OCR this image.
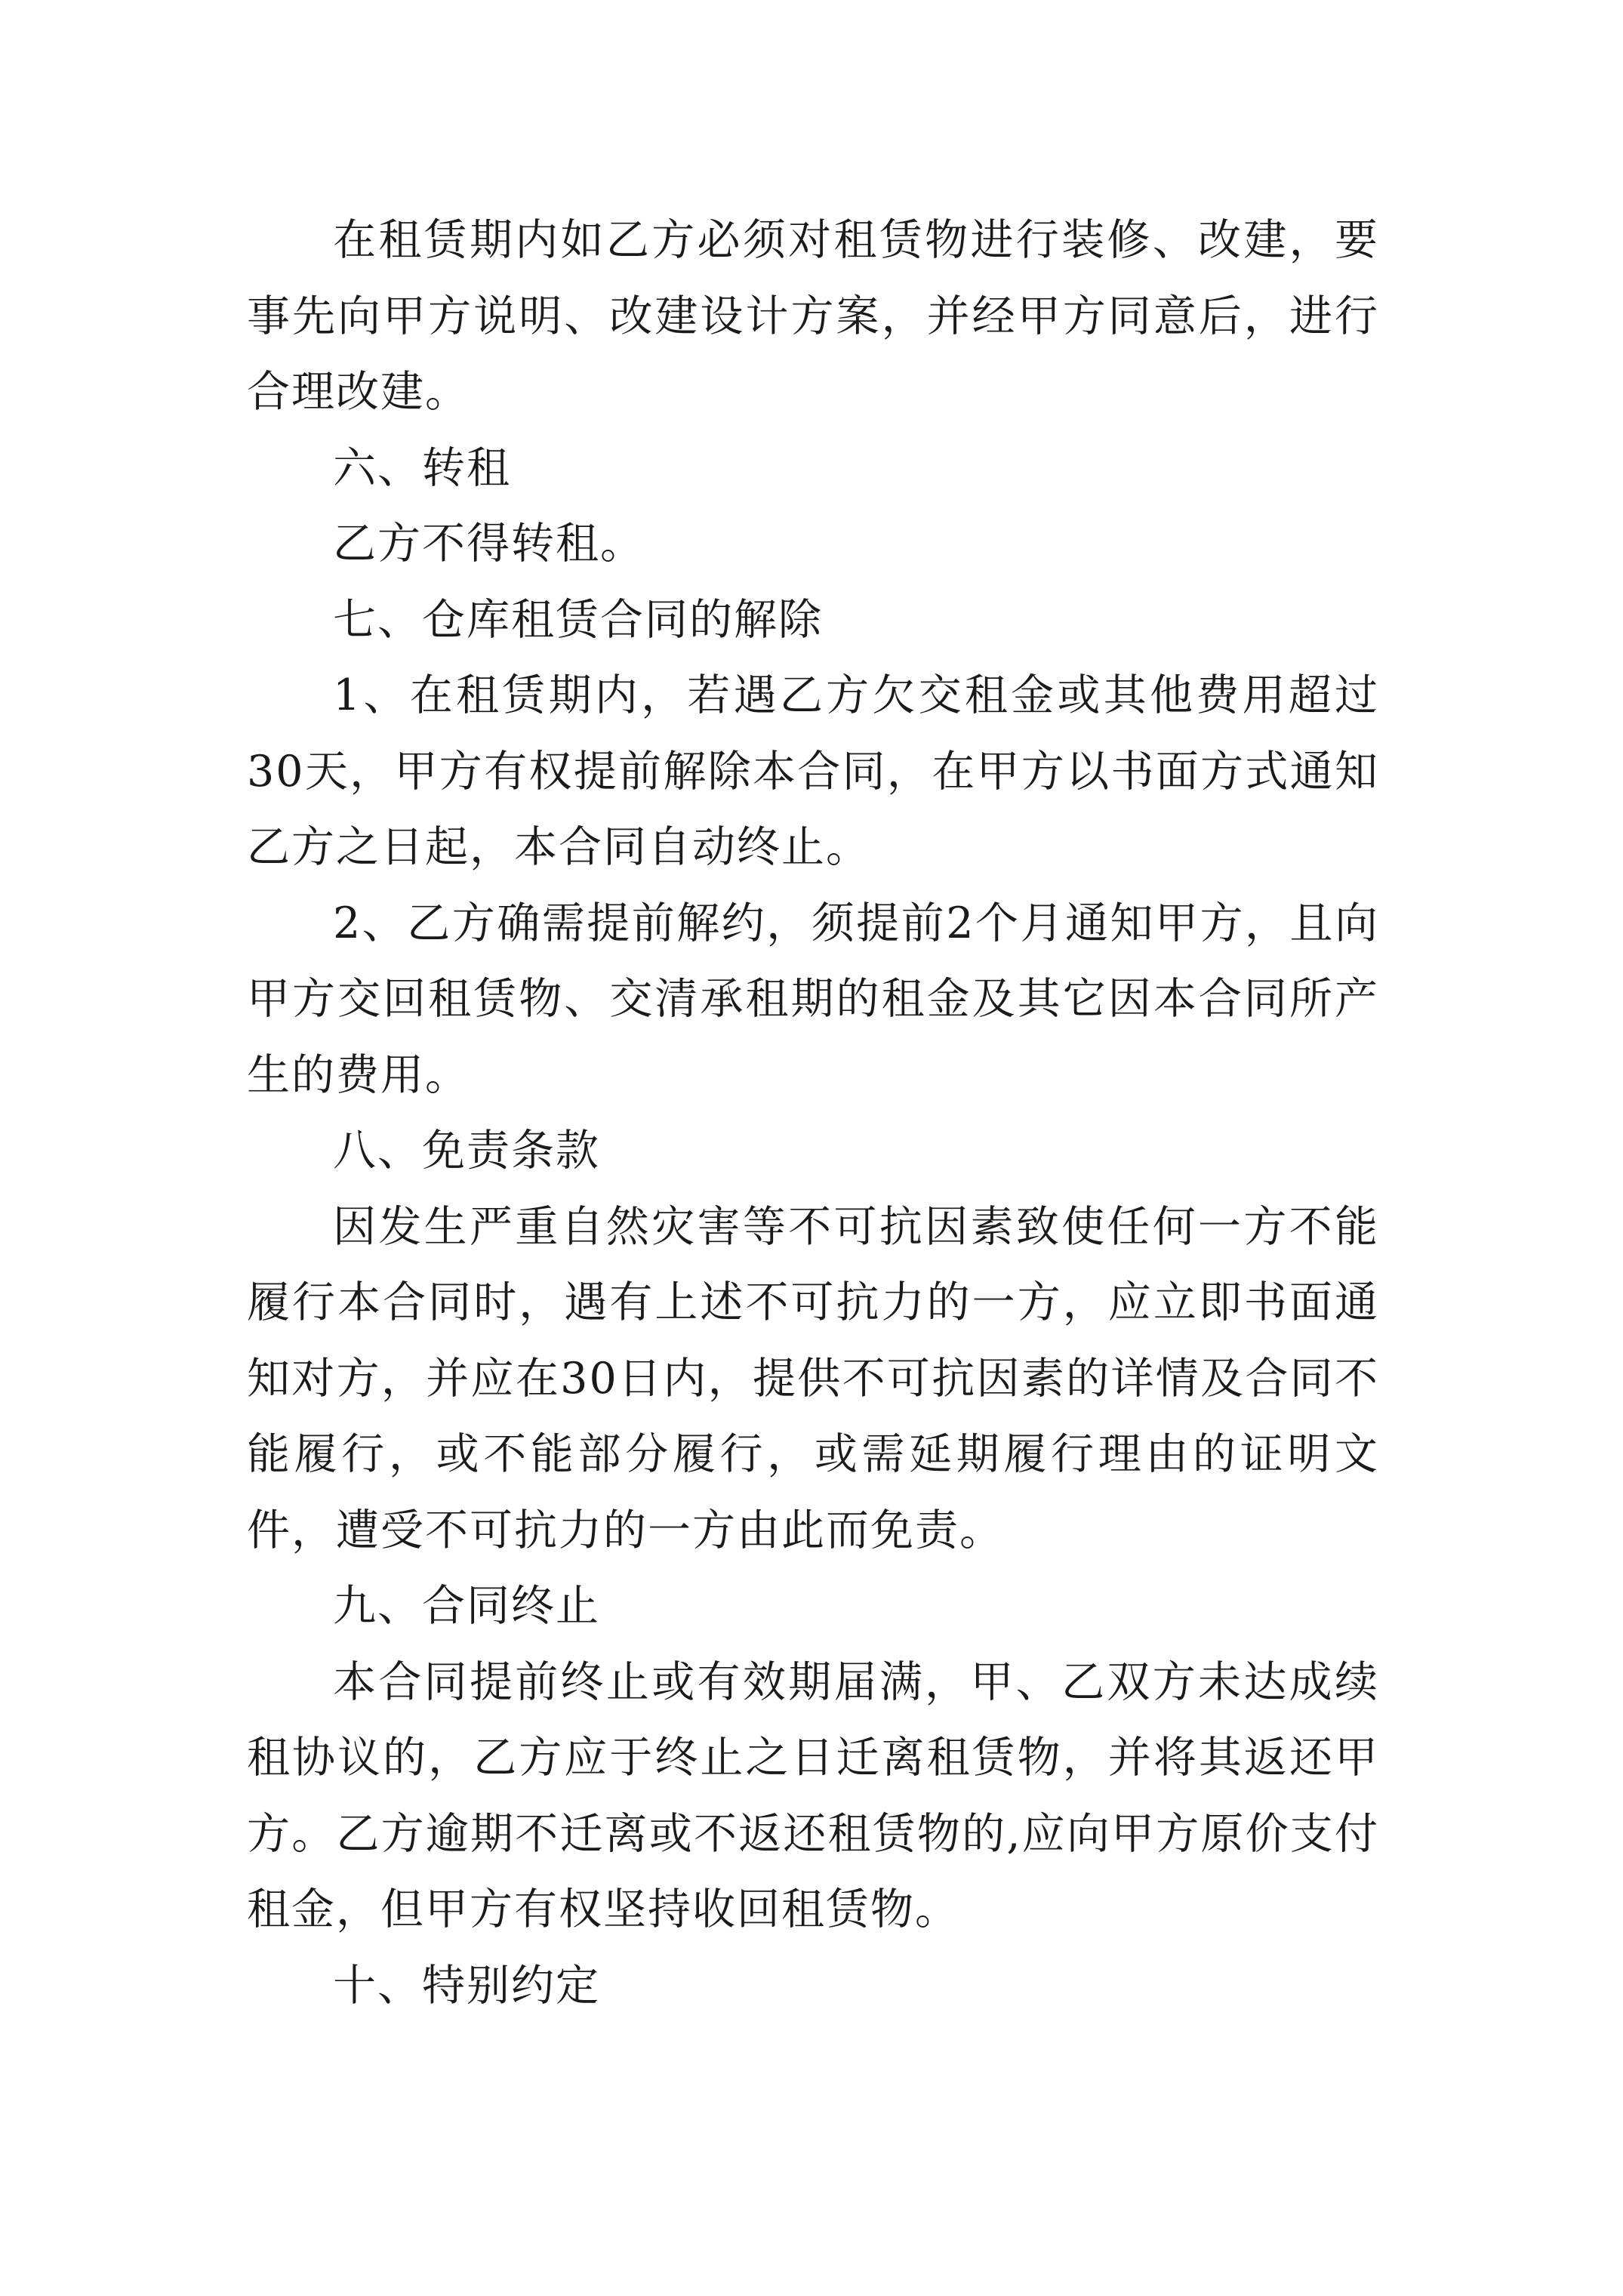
在租赁期内如乙方必须对租赁物进行装修、改建，要事先向甲方说明、改建设计方案，并经甲方同意后，进行合理改建。

六、转租

乙方不得转租。

七、仓库租赁合同的解除

1、在租赁期内，若遇乙方欠交租金或其他费用超过30天，甲方有权提前解除本合同，在甲方以书面方式通知乙方之日起，本合同自动终止。

2、乙方确需提前解约，须提前2个月通知甲方，且向甲方交回租赁物、交清承租期的租金及其它因本合同所产生的费用。

八、免责条款

因发生严重自然灾害等不可抗因素致使任何一方不能履行本合同时，遇有上述不可抗力的一方，应立即书面通知对方，并应在30日内，提供不可抗因素的详情及合同不能履行，或不能部分履行，或需延期履行理由的证明文件，遭受不可抗力的一方由此而免责。

九、合同终止

本合同提前终止或有效期届满，甲、乙双方未达成续租协议的，乙方应于终止之日迁离租赁物，并将其返还甲方。乙方逾期不迁离或不返还租赁物的,应向甲方原价支付租金，但甲方有权坚持收回租赁物。

十、特别约定
